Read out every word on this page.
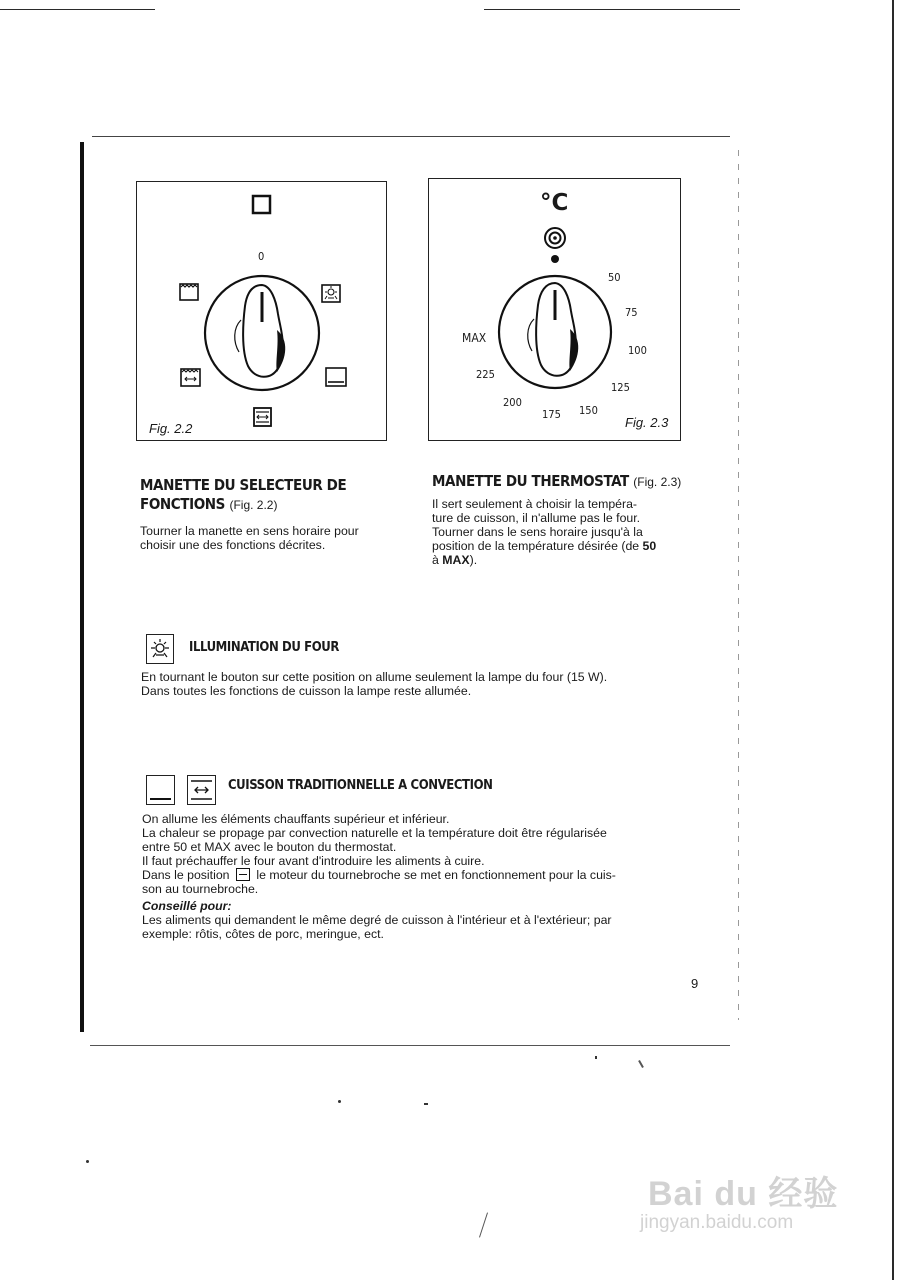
0
Fig. 2.2
°C
50
75
100
125
150
175
200
225
MAX
Fig. 2.3
MANETTE DU SELECTEUR DE
FONCTIONS (Fig. 2.2)

Tourner la manette en sens horaire pour

choisir une des fonctions décrites.

MANETTE DU THERMOSTAT (Fig. 2.3)

Il sert seulement à choisir la tempéra-

ture de cuisson, il n'allume pas le four.

Tourner dans le sens horaire jusqu'à la

position de la température désirée (de 50

à MAX).

ILLUMINATION DU FOUR

En tournant le bouton sur cette position on allume seulement la lampe du four (15 W).

Dans toutes les fonctions de cuisson la lampe reste allumée.

CUISSON TRADITIONNELLE A CONVECTION

On allume les éléments chauffants supérieur et inférieur.

La chaleur se propage par convection naturelle et la température doit être régularisée

entre 50 et MAX avec le bouton du thermostat.

Il faut préchauffer le four avant d'introduire les aliments à cuire.

Dans le position le moteur du tournebroche se met en fonctionnement pour la cuis-

son au tournebroche.

Conseillé pour:

Les aliments qui demandent le même degré de cuisson à l'intérieur et à l'extérieur; par

exemple: rôtis, côtes de porc, meringue, ect.

9
Bai du 经验
jingyan.baidu.com
